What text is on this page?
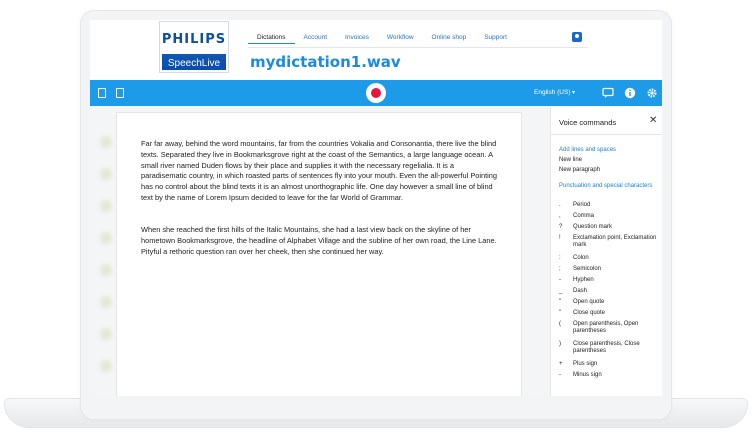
PHILIPS
SpeechLive
Dictations	Account	Invoices	Workflow	Online shop	Support
mydictation1.wav
English (US) ▾
Far far away, behind the word mountains, far from the countries Vokalia and Consonantia, there live the blind texts. Separated they live in Bookmarksgrove right at the coast of the Semantics, a large language ocean. A small river named Duden flows by their place and supplies it with the necessary regelialia. It is a paradisematic country, in which roasted parts of sentences fly into your mouth. Even the all-powerful Pointing has no control about the blind texts it is an almost unorthographic life. One day however a small line of blind text by the name of Lorem Ipsum decided to leave for the far World of Grammar.
When she reached the first hills of the Italic Mountains, she had a last view back on the skyline of her hometown Bookmarksgrove, the headline of Alphabet Village and the subline of her own road, the Line Lane. Pityful a rethoric question ran over her cheek, then she continued her way.
Voice commands	✕
Add lines and spaces
New line
New paragraph
Punctuation and special characters
.	Period
,	Comma
?	Question mark
!	Exclamation point, Exclamation mark
:	Colon
;	Semicolon
-	Hyphen
_	Dash
"	Open quote
"	Close quote
(	Open parenthesis, Open parentheses
)	Close parenthesis, Close parentheses
+	Plus sign
-	Minus sign
